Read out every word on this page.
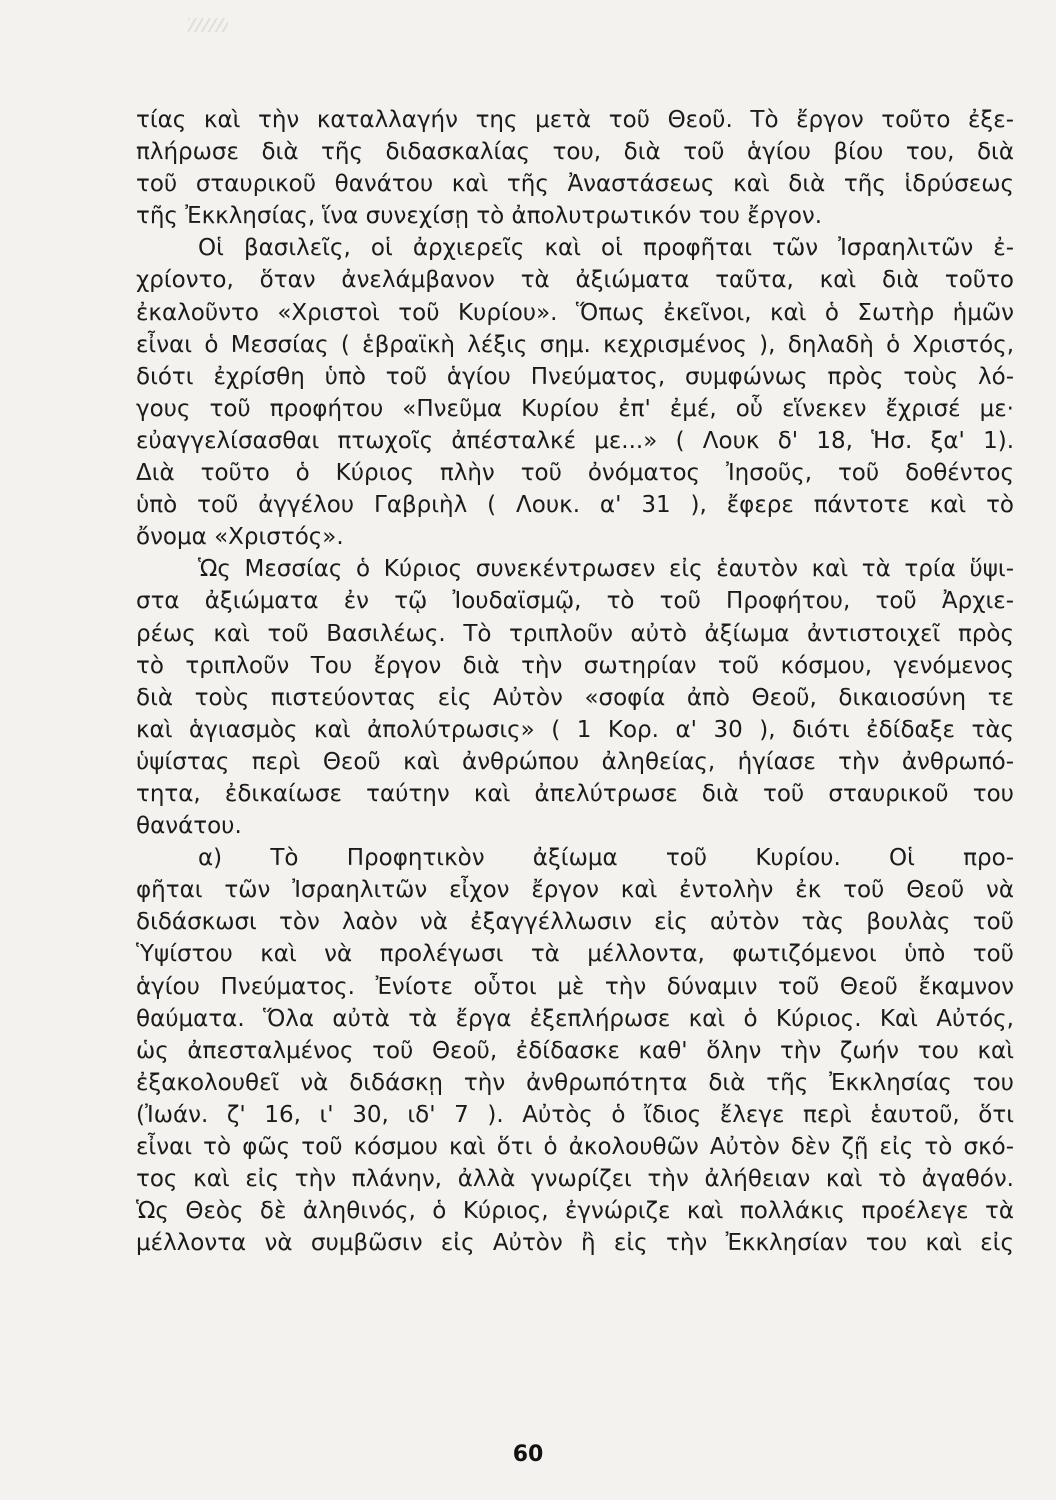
τίας καὶ τὴν καταλλαγήν της μετὰ τοῦ Θεοῦ. Τὸ ἔργον τοῦτο ἐξε-
πλήρωσε διὰ τῆς διδασκαλίας του, διὰ τοῦ ἁγίου βίου του, διὰ
τοῦ σταυρικοῦ θανάτου καὶ τῆς Ἀναστάσεως καὶ διὰ τῆς ἱδρύσεως
τῆς Ἐκκλησίας, ἵνα συνεχίσῃ τὸ ἀπολυτρωτικόν του ἔργον.
Οἱ βασιλεῖς, οἱ ἀρχιερεῖς καὶ οἱ προφῆται τῶν Ἰσραηλιτῶν ἐ-
χρίοντο, ὅταν ἀνελάμβανον τὰ ἀξιώματα ταῦτα, καὶ διὰ τοῦτο
ἐκαλοῦντο «Χριστοὶ τοῦ Κυρίου». Ὅπως ἐκεῖνοι, καὶ ὁ Σωτὴρ ἡμῶν
εἶναι ὁ Μεσσίας ( ἑβραϊκὴ λέξις σημ. κεχρισμένος ), δηλαδὴ ὁ Χριστός,
διότι ἐχρίσθη ὑπὸ τοῦ ἁγίου Πνεύματος, συμφώνως πρὸς τοὺς λό-
γους τοῦ προφήτου «Πνεῦμα Κυρίου ἐπ' ἐμέ, οὗ εἵνεκεν ἔχρισέ με·
εὐαγγελίσασθαι πτωχοῖς ἀπέσταλκέ με...» ( Λουκ δ' 18, Ἡσ. ξα' 1).
Διὰ τοῦτο ὁ Κύριος πλὴν τοῦ ὀνόματος Ἰησοῦς, τοῦ δοθέντος
ὑπὸ τοῦ ἀγγέλου Γαβριὴλ ( Λουκ. α' 31 ), ἔφερε πάντοτε καὶ τὸ
ὄνομα «Χριστός».
Ὡς Μεσσίας ὁ Κύριος συνεκέντρωσεν εἰς ἑαυτὸν καὶ τὰ τρία ὕψι-
στα ἀξιώματα ἐν τῷ Ἰουδαϊσμῷ, τὸ τοῦ Προφήτου, τοῦ Ἀρχιε-
ρέως καὶ τοῦ Βασιλέως. Τὸ τριπλοῦν αὐτὸ ἀξίωμα ἀντιστοιχεῖ πρὸς
τὸ τριπλοῦν Του ἔργον διὰ τὴν σωτηρίαν τοῦ κόσμου, γενόμενος
διὰ τοὺς πιστεύοντας εἰς Αὐτὸν «σοφία ἀπὸ Θεοῦ, δικαιοσύνη τε
καὶ ἁγιασμὸς καὶ ἀπολύτρωσις» ( 1 Κορ. α' 30 ), διότι ἐδίδαξε τὰς
ὑψίστας περὶ Θεοῦ καὶ ἀνθρώπου ἀληθείας, ἡγίασε τὴν ἀνθρωπό-
τητα, ἐδικαίωσε ταύτην καὶ ἀπελύτρωσε διὰ τοῦ σταυρικοῦ του
θανάτου.
α) Τὸ Προφητικὸν ἀξίωμα τοῦ Κυρίου. Οἱ προ-
φῆται τῶν Ἰσραηλιτῶν εἶχον ἔργον καὶ ἐντολὴν ἐκ τοῦ Θεοῦ νὰ
διδάσκωσι τὸν λαὸν νὰ ἐξαγγέλλωσιν εἰς αὐτὸν τὰς βουλὰς τοῦ
Ὑψίστου καὶ νὰ προλέγωσι τὰ μέλλοντα, φωτιζόμενοι ὑπὸ τοῦ
ἁγίου Πνεύματος. Ἐνίοτε οὗτοι μὲ τὴν δύναμιν τοῦ Θεοῦ ἔκαμνον
θαύματα. Ὅλα αὐτὰ τὰ ἔργα ἐξεπλήρωσε καὶ ὁ Κύριος. Καὶ Αὐτός,
ὡς ἀπεσταλμένος τοῦ Θεοῦ, ἐδίδασκε καθ' ὅλην τὴν ζωήν του καὶ
ἐξακολουθεῖ νὰ διδάσκῃ τὴν ἀνθρωπότητα διὰ τῆς Ἐκκλησίας του
(Ἰωάν. ζ' 16, ι' 30, ιδ' 7 ). Αὐτὸς ὁ ἴδιος ἔλεγε περὶ ἑαυτοῦ, ὅτι
εἶναι τὸ φῶς τοῦ κόσμου καὶ ὅτι ὁ ἀκολουθῶν Αὐτὸν δὲν ζῇ εἰς τὸ σκό-
τος καὶ εἰς τὴν πλάνην, ἀλλὰ γνωρίζει τὴν ἀλήθειαν καὶ τὸ ἀγαθόν.
Ὡς Θεὸς δὲ ἀληθινός, ὁ Κύριος, ἐγνώριζε καὶ πολλάκις προέλεγε τὰ
μέλλοντα νὰ συμβῶσιν εἰς Αὐτὸν ἢ εἰς τὴν Ἐκκλησίαν του καὶ εἰς
60
